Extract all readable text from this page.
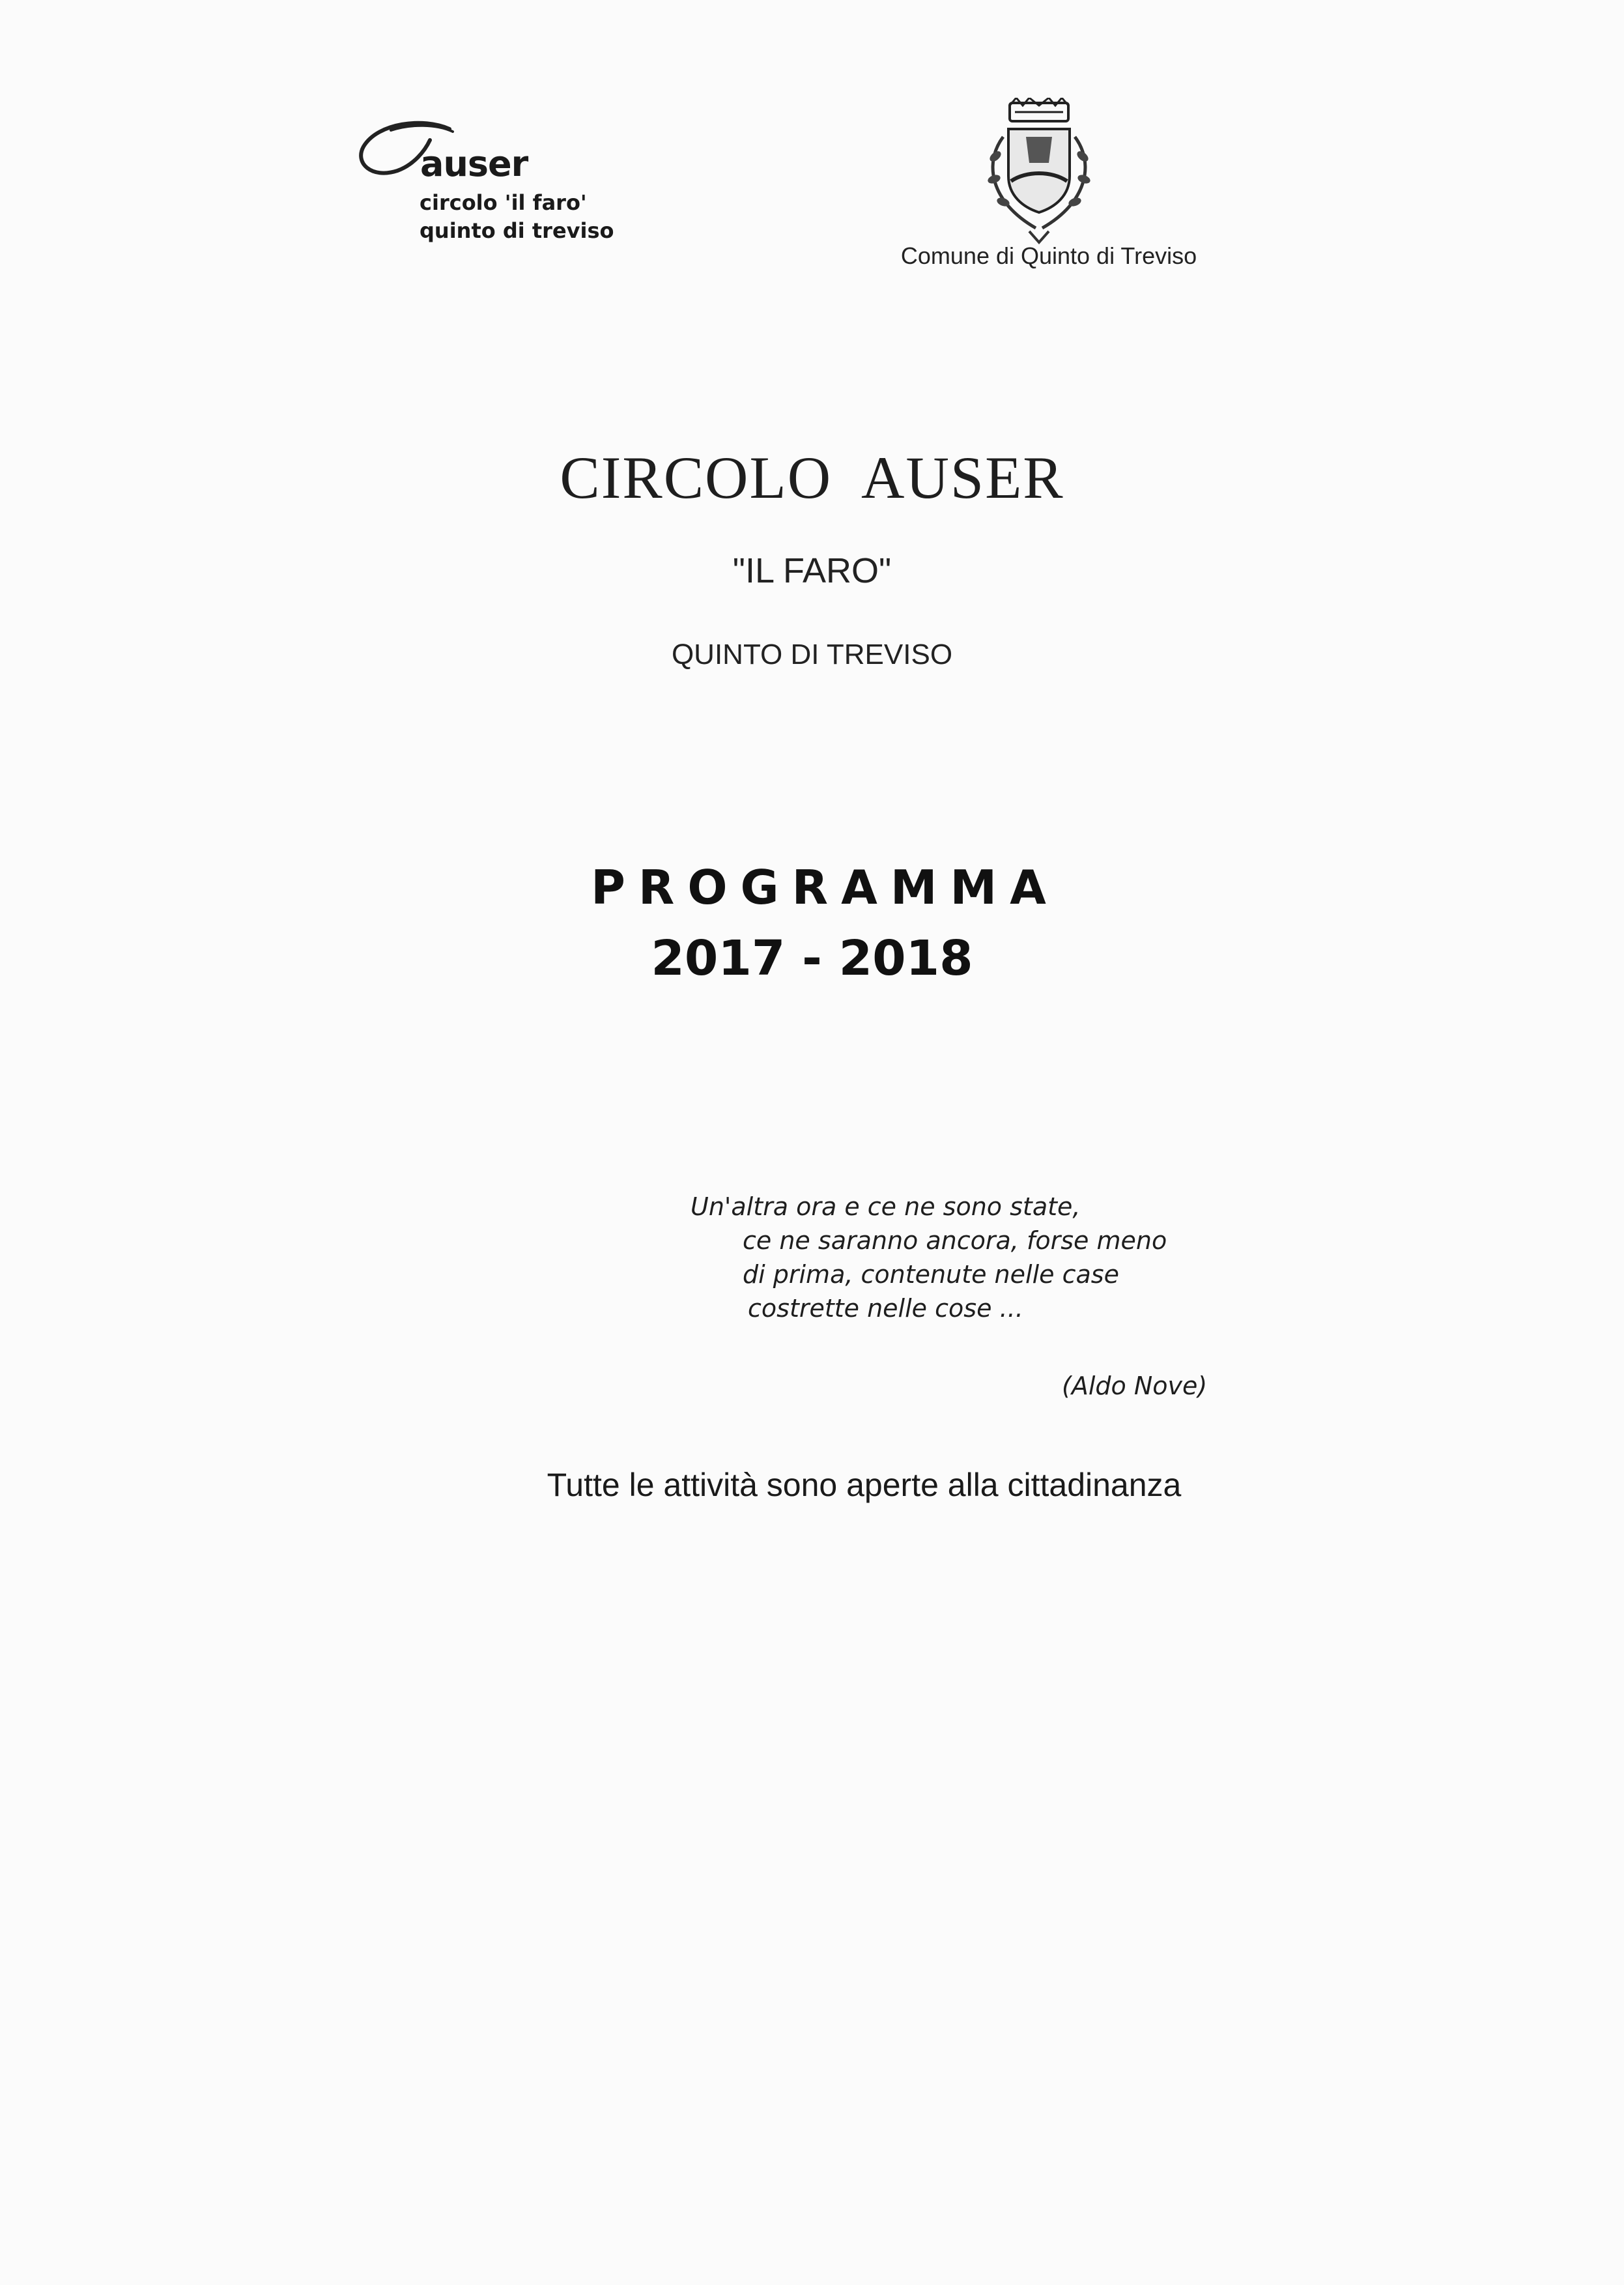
auser
circolo 'il faro'
quinto di treviso
Comune di Quinto di Treviso
CIRCOLO  AUSER
"IL FARO"
QUINTO DI TREVISO
PROGRAMMA
2017 - 2018
Un'altra ora e ce ne sono state,
ce ne saranno ancora, forse meno
di prima, contenute nelle case
costrette nelle cose ...
(Aldo Nove)
Tutte le attività sono aperte alla cittadinanza
